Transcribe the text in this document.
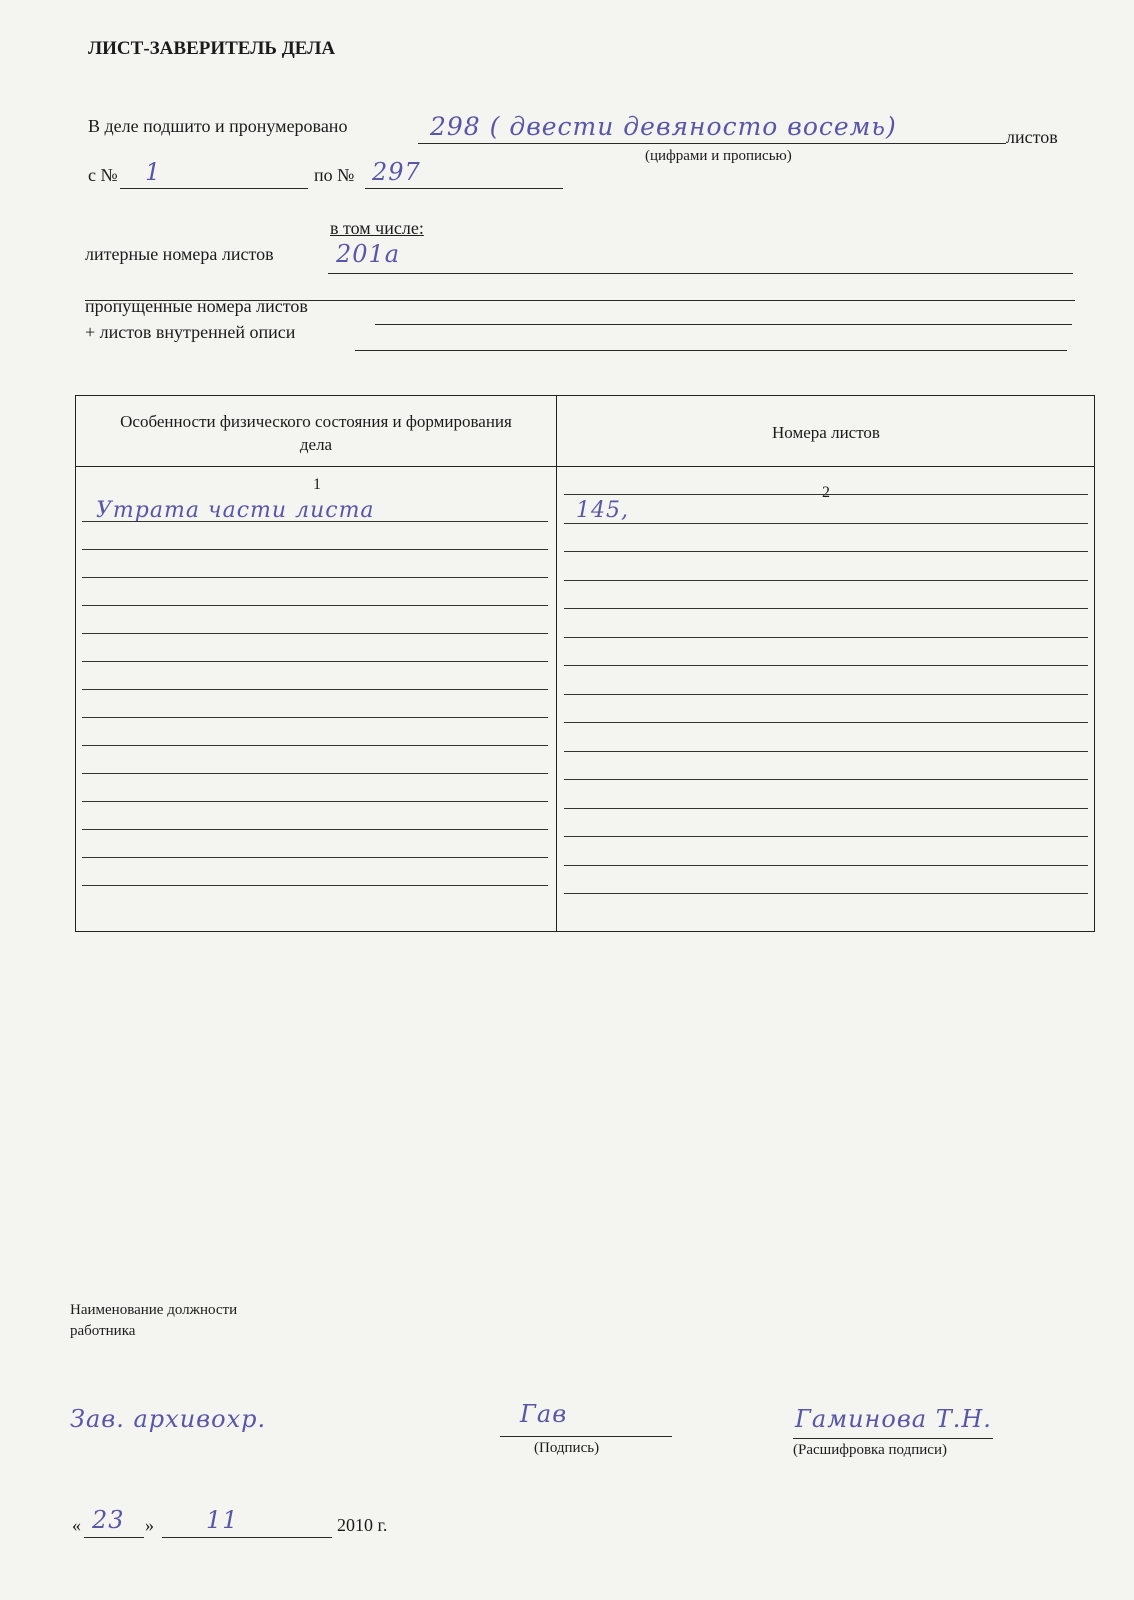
ЛИСТ-ЗАВЕРИТЕЛЬ ДЕЛА
В деле подшито и пронумеровано	298 ( двести девяносто восемь)	листов
(цифрами и прописью)
с № 1	по № 297
в том числе:
литерные номера листов	201а
пропущенные номера листов
+ листов внутренней описи
Особенности физического состояния и формирования дела
Номера листов
1	2
Утрата части листа	145,
Наименование должности работника
Зав. архивохр.	Гав
(Подпись)
Гаминова Т.Н.
(Расшифровка подписи)
« 23 » 11	2010 г.
